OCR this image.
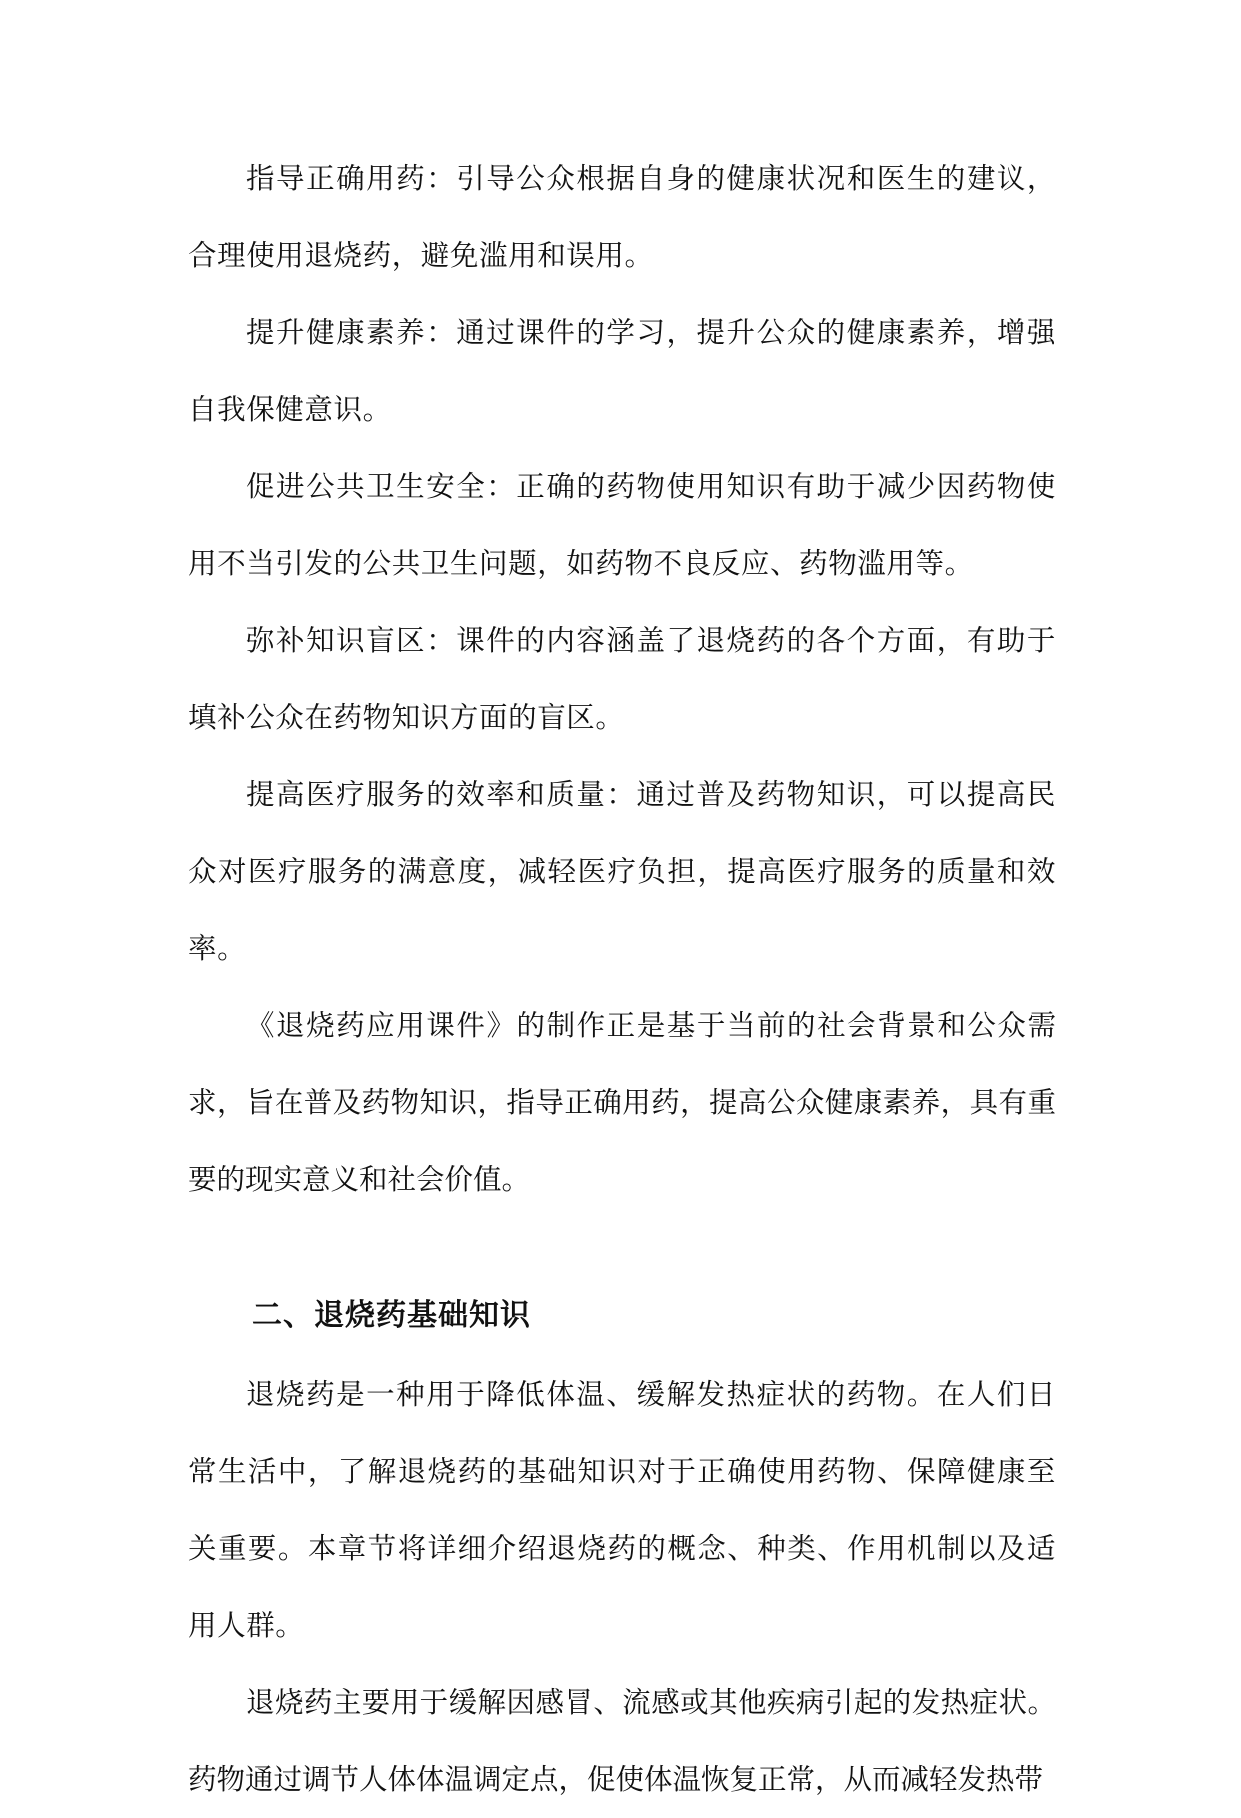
指导正确用药：引导公众根据自身的健康状况和医生的建议，合理使用退烧药，避免滥用和误用。

提升健康素养：通过课件的学习，提升公众的健康素养，增强自我保健意识。

促进公共卫生安全：正确的药物使用知识有助于减少因药物使用不当引发的公共卫生问题，如药物不良反应、药物滥用等。

弥补知识盲区：课件的内容涵盖了退烧药的各个方面，有助于填补公众在药物知识方面的盲区。

提高医疗服务的效率和质量：通过普及药物知识，可以提高民众对医疗服务的满意度，减轻医疗负担，提高医疗服务的质量和效率。

《退烧药应用课件》的制作正是基于当前的社会背景和公众需求，旨在普及药物知识，指导正确用药，提高公众健康素养，具有重要的现实意义和社会价值。

二、退烧药基础知识

退烧药是一种用于降低体温、缓解发热症状的药物。在人们日常生活中，了解退烧药的基础知识对于正确使用药物、保障健康至关重要。本章节将详细介绍退烧药的概念、种类、作用机制以及适用人群。

退烧药主要用于缓解因感冒、流感或其他疾病引起的发热症状。药物通过调节人体体温调定点，促使体温恢复正常，从而减轻发热带
